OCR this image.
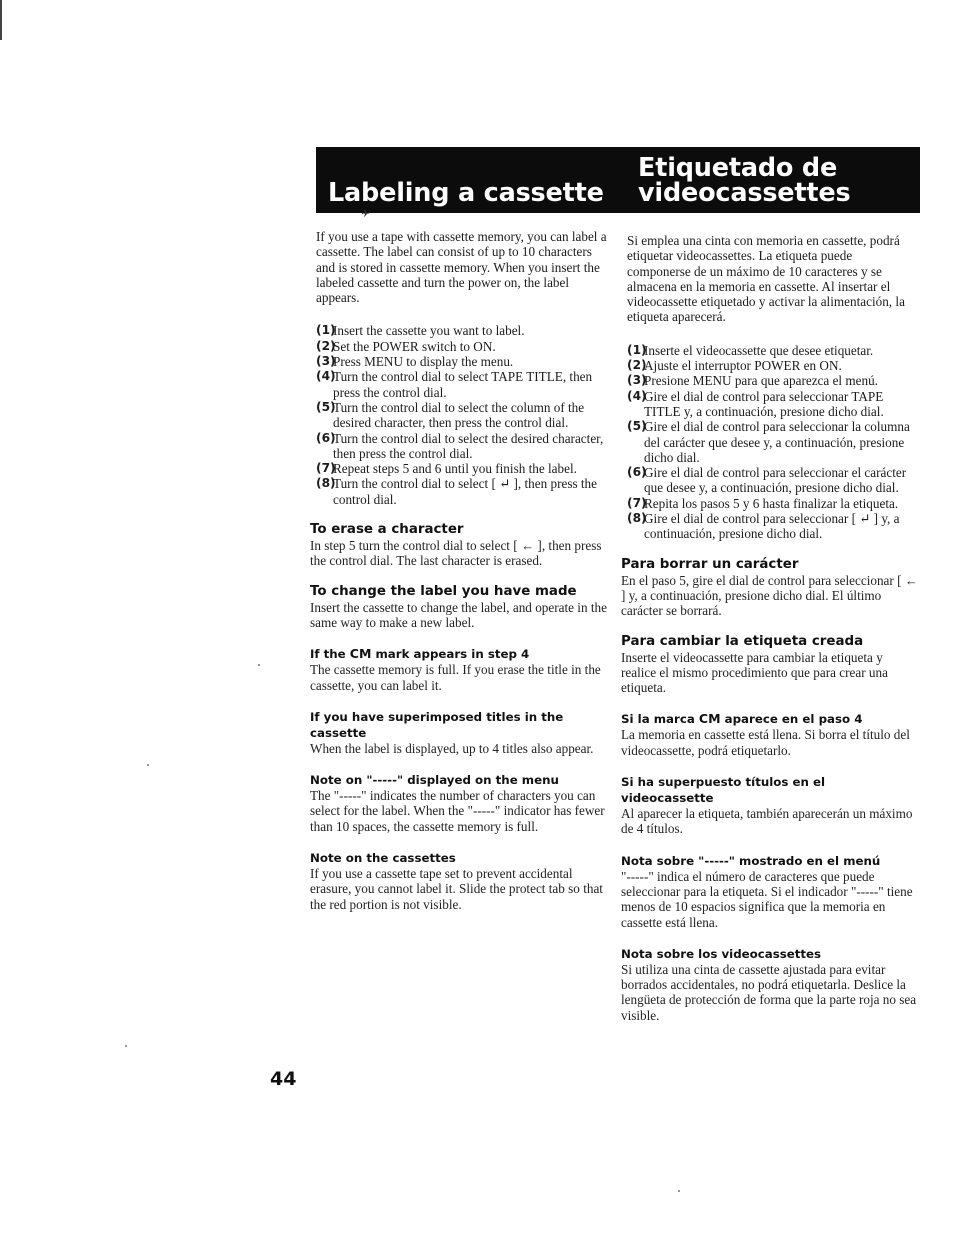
Labeling a cassette
Etiquetado de
videocassettes
✈

If you use a tape with cassette memory, you can label a cassette. The label can consist of up to 10 characters and is stored in cassette memory. When you insert the labeled cassette and turn the power on, the label appears.

(1)
Insert the cassette you want to label.
(2)
Set the POWER switch to ON.
(3)
Press MENU to display the menu.
(4)
Turn the control dial to select TAPE TITLE, then press the control dial.
(5)
Turn the control dial to select the column of the desired character, then press the control dial.
(6)
Turn the control dial to select the desired character, then press the control dial.
(7)
Repeat steps 5 and 6 until you finish the label.
(8)
Turn the control dial to select [ ↵ ], then press the control dial.
To erase a character

In step 5 turn the control dial to select [ ← ], then press the control dial. The last character is erased.

To change the label you have made

Insert the cassette to change the label, and operate in the same way to make a new label.

If the CM mark appears in step 4

The cassette memory is full. If you erase the title in the cassette, you can label it.

If you have superimposed titles in the cassette

When the label is displayed, up to 4 titles also appear.

Note on "-----" displayed on the menu

The "-----" indicates the number of characters you can select for the label. When the "-----" indicator has fewer than 10 spaces, the cassette memory is full.

Note on the cassettes

If you use a cassette tape set to prevent accidental erasure, you cannot label it. Slide the protect tab so that the red portion is not visible.

Si emplea una cinta con memoria en cassette, podrá etiquetar videocassettes. La etiqueta puede componerse de un máximo de 10 caracteres y se almacena en la memoria en cassette. Al insertar el videocassette etiquetado y activar la alimentación, la etiqueta aparecerá.

(1)
Inserte el videocassette que desee etiquetar.
(2)
Ajuste el interruptor POWER en ON.
(3)
Presione MENU para que aparezca el menú.
(4)
Gire el dial de control para seleccionar TAPE TITLE y, a continuación, presione dicho dial.
(5)
Gire el dial de control para seleccionar la columna del carácter que desee y, a continuación, presione dicho dial.
(6)
Gire el dial de control para seleccionar el carácter que desee y, a continuación, presione dicho dial.
(7)
Repita los pasos 5 y 6 hasta finalizar la etiqueta.
(8)
Gire el dial de control para seleccionar [ ↵ ] y, a continuación, presione dicho dial.
Para borrar un carácter

En el paso 5, gire el dial de control para seleccionar [ ← ] y, a continuación, presione dicho dial. El último carácter se borrará.

Para cambiar la etiqueta creada

Inserte el videocassette para cambiar la etiqueta y realice el mismo procedimiento que para crear una etiqueta.

Si la marca CM aparece en el paso 4

La memoria en cassette está llena. Si borra el título del videocassette, podrá etiquetarlo.

Si ha superpuesto títulos en el videocassette

Al aparecer la etiqueta, también aparecerán un máximo de 4 títulos.

Nota sobre "-----" mostrado en el menú

"-----" indica el número de caracteres que puede seleccionar para la etiqueta. Si el indicador "-----" tiene menos de 10 espacios significa que la memoria en cassette está llena.

Nota sobre los videocassettes

Si utiliza una cinta de cassette ajustada para evitar borrados accidentales, no podrá etiquetarla. Deslice la lengüeta de protección de forma que la parte roja no sea visible.

44
